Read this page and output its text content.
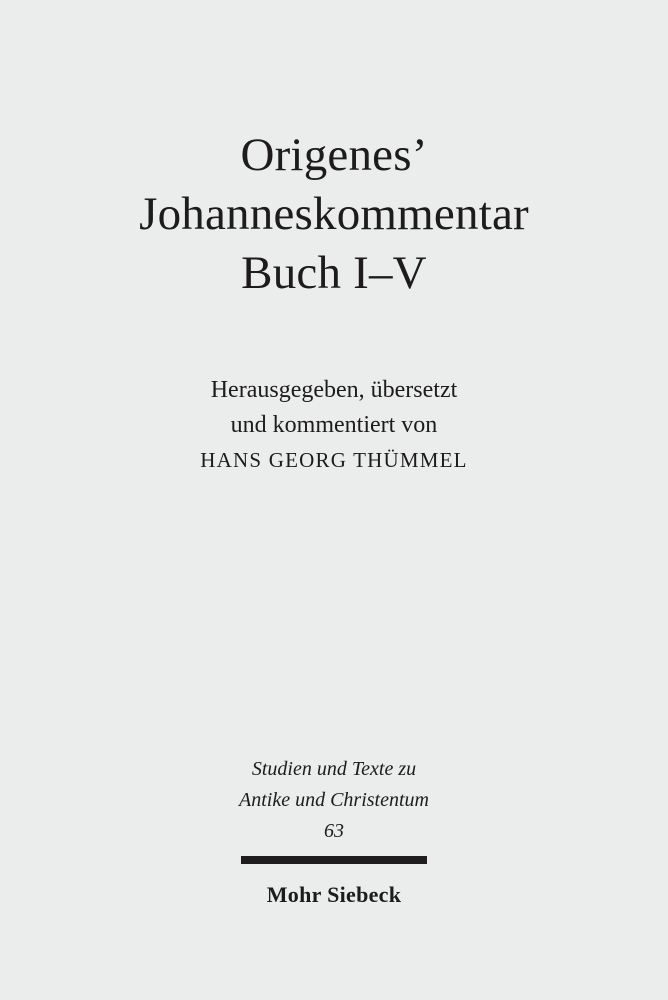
Origenes’
Johanneskommentar
Buch I–V
Herausgegeben, übersetzt
und kommentiert von
HANS GEORG THÜMMEL
Studien und Texte zu
Antike und Christentum
63
Mohr Siebeck
